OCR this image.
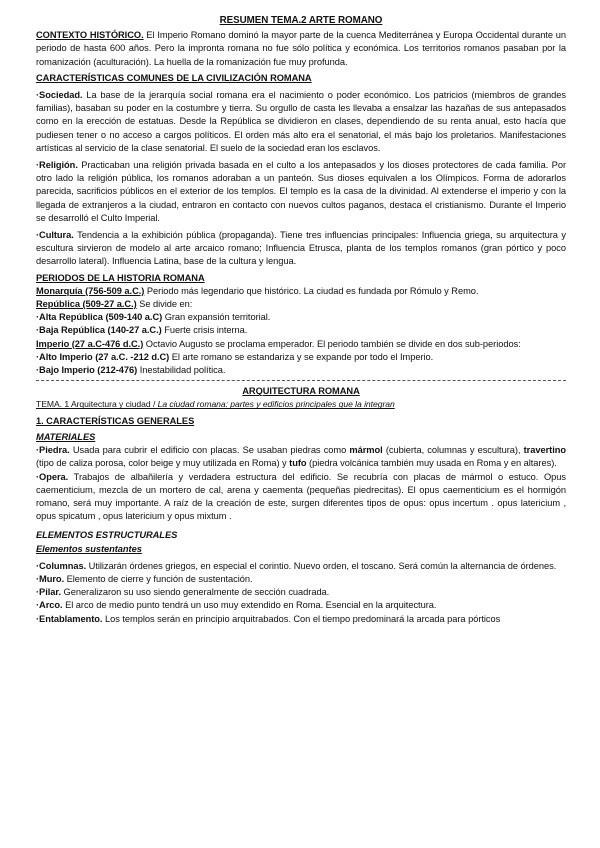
RESUMEN TEMA.2 ARTE ROMANO

CONTEXTO HISTÓRICO. El Imperio Romano dominó la mayor parte de la cuenca Mediterránea y Europa Occidental durante un periodo de hasta 600 años. Pero la impronta romana no fue sólo política y económica. Los territorios romanos pasaban por la romanización (aculturación). La huella de la romanización fue muy profunda.

CARACTERÍSTICAS COMUNES DE LA CIVILIZACIÓN ROMANA

·Sociedad. La base de la jerarquía social romana era el nacimiento o poder económico. Los patricios (miembros de grandes familias), basaban su poder en la costumbre y tierra. Su orgullo de casta les llevaba a ensalzar las hazañas de sus antepasados como en la erección de estatuas. Desde la República se dividieron en clases, dependiendo de su renta anual, esto hacía que pudiesen tener o no acceso a cargos políticos. El orden más alto era el senatorial, el más bajo los proletarios. Manifestaciones artísticas al servicio de la clase senatorial. El suelo de la sociedad eran los esclavos.

·Religión. Practicaban una religión privada basada en el culto a los antepasados y los dioses protectores de cada familia. Por otro lado la religión pública, los romanos adoraban a un panteón. Sus dioses equivalen a los Olímpicos. Forma de adorarlos parecida, sacrificios públicos en el exterior de los templos. El templo es la casa de la divinidad. Al extenderse el imperio y con la llegada de extranjeros a la ciudad, entraron en contacto con nuevos cultos paganos, destaca el cristianismo. Durante el Imperio se desarrolló el Culto Imperial.

·Cultura. Tendencia a la exhibición pública (propaganda). Tiene tres influencias principales: Influencia griega, su arquitectura y escultura sirvieron de modelo al arte arcaico romano; Influencia Etrusca, planta de los templos romanos (gran pórtico y poco desarrollo lateral). Influencia Latina, base de la cultura y lengua.

PERIODOS DE LA HISTORIA ROMANA

Monarquía (756-509 a.C.) Periodo más legendario que histórico. La ciudad es fundada por Rómulo y Remo.

República (509-27 a.C.) Se divide en:

·Alta República (509-140 a.C) Gran expansión territorial.

·Baja República (140-27 a.C.) Fuerte crisis interna.

Imperio (27 a.C-476 d.C.) Octavio Augusto se proclama emperador. El periodo también se divide en dos sub-periodos:

·Alto Imperio (27 a.C. -212 d.C) El arte romano se estandariza y se expande por todo el Imperio.

·Bajo Imperio (212-476) Inestabilidad política.

ARQUITECTURA ROMANA

TEMA. 1 Arquitectura y ciudad / La ciudad romana: partes y edificios principales que la integran

1. CARACTERÍSTICAS GENERALES
MATERIALES

·Piedra. Usada para cubrir el edificio con placas. Se usaban piedras como mármol (cubierta, columnas y escultura), travertino (tipo de caliza porosa, color beige y muy utilizada en Roma) y tufo (piedra volcánica también muy usada en Roma y en altares).

·Opera. Trabajos de albañilería y verdadera estructura del edificio. Se recubría con placas de mármol o estuco. Opus caementicium, mezcla de un mortero de cal, arena y caementa (pequeñas piedrecitas). El opus caementicium es el hormigón romano, será muy importante. A raíz de la creación de este, surgen diferentes tipos de opus: opus incertum . opus latericium , opus spicatum , opus latericium y opus mixtum .

ELEMENTOS ESTRUCTURALES
Elementos sustentantes

·Columnas. Utilizarán órdenes griegos, en especial el corintio. Nuevo orden, el toscano. Será común la alternancia de órdenes.

·Muro. Elemento de cierre y función de sustentación.

·Pilar. Generalizaron su uso siendo generalmente de sección cuadrada.

·Arco. El arco de medio punto tendrá un uso muy extendido en Roma. Esencial en la arquitectura.

·Entablamento. Los templos serán en principio arquitrabados. Con el tiempo predominará la arcada para pórticos
